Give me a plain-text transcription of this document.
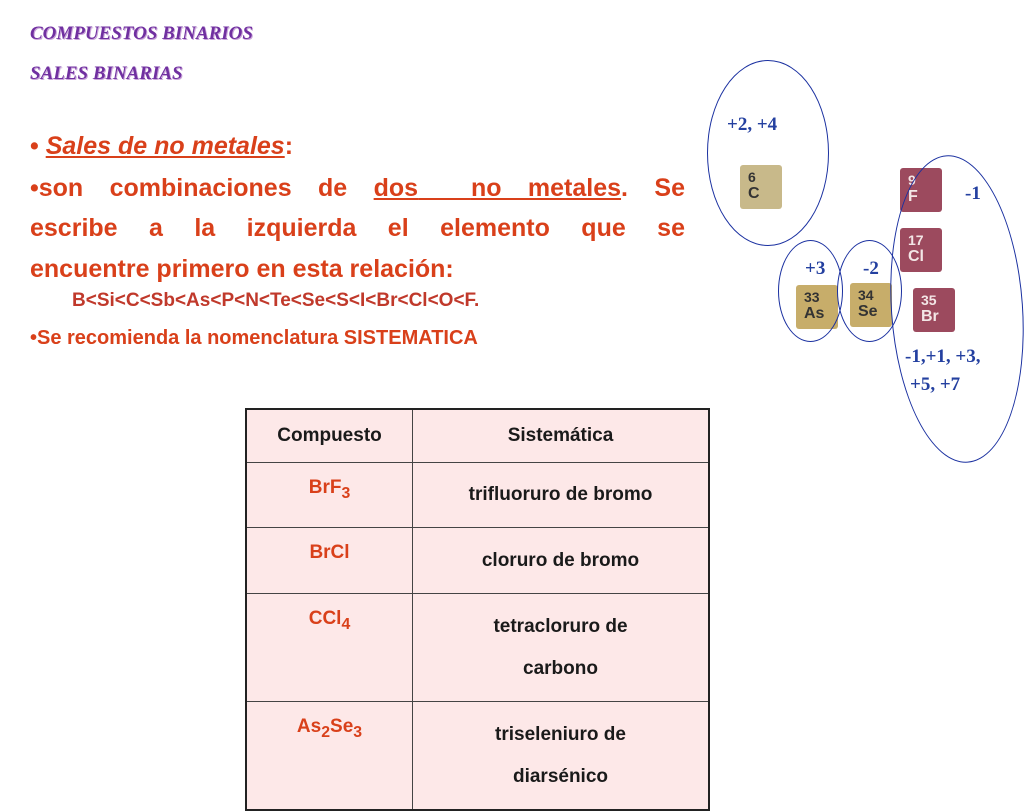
COMPUESTOS BINARIOS
SALES BINARIAS
• Sales de no metales:
•son combinaciones de dos no metales. Se
escribe a la izquierda el elemento que se
encuentre primero en esta relación:
B<Si<C<Sb<As<P<N<Te<Se<S<I<Br<Cl<O<F.
•Se recomienda la nomenclatura SISTEMATICA
6
C
9
F
17
Cl
33
As
34
Se
35
Br
+2, +4
-1
+3 -2
-1,+1, +3,
+5, +7
Compuesto	Sistemática
BrF$_3$	trifluoruro de bromo

BrCl	cloruro de bromo

CCl$_4$	tetracloruro de
carbono

$As_2Se_3$	triseleniuro de
diarsénico
